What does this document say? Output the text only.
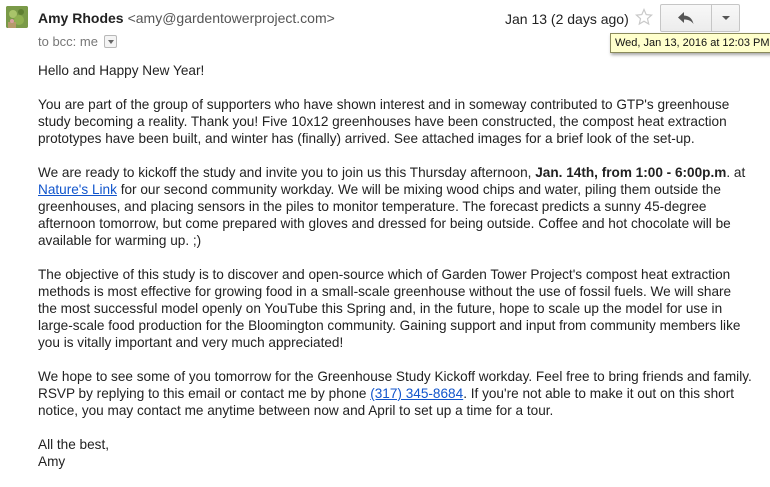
Amy Rhodes <amy@gardentowerproject.com>
to bcc: me
Jan 13 (2 days ago)
Wed, Jan 13, 2016 at 12:03 PM

Hello and Happy New Year!

You are part of the group of supporters who have shown interest and in someway contributed to GTP's greenhouse study becoming a reality. Thank you! Five 10x12 greenhouses have been constructed, the compost heat extraction prototypes have been built, and winter has (finally) arrived. See attached images for a brief look of the set-up.

We are ready to kickoff the study and invite you to join us this Thursday afternoon, Jan. 14th, from 1:00 - 6:00p.m. at Nature's Link for our second community workday. We will be mixing wood chips and water, piling them outside the greenhouses, and placing sensors in the piles to monitor temperature. The forecast predicts a sunny 45-degree afternoon tomorrow, but come prepared with gloves and dressed for being outside. Coffee and hot chocolate will be available for warming up. ;)

The objective of this study is to discover and open-source which of Garden Tower Project's compost heat extraction methods is most effective for growing food in a small-scale greenhouse without the use of fossil fuels. We will share the most successful model openly on YouTube this Spring and, in the future, hope to scale up the model for use in large-scale food production for the Bloomington community. Gaining support and input from community members like you is vitally important and very much appreciated!

We hope to see some of you tomorrow for the Greenhouse Study Kickoff workday. Feel free to bring friends and family. RSVP by replying to this email or contact me by phone (317) 345-8684. If you're not able to make it out on this short notice, you may contact me anytime between now and April to set up a time for a tour.

All the best,

Amy
